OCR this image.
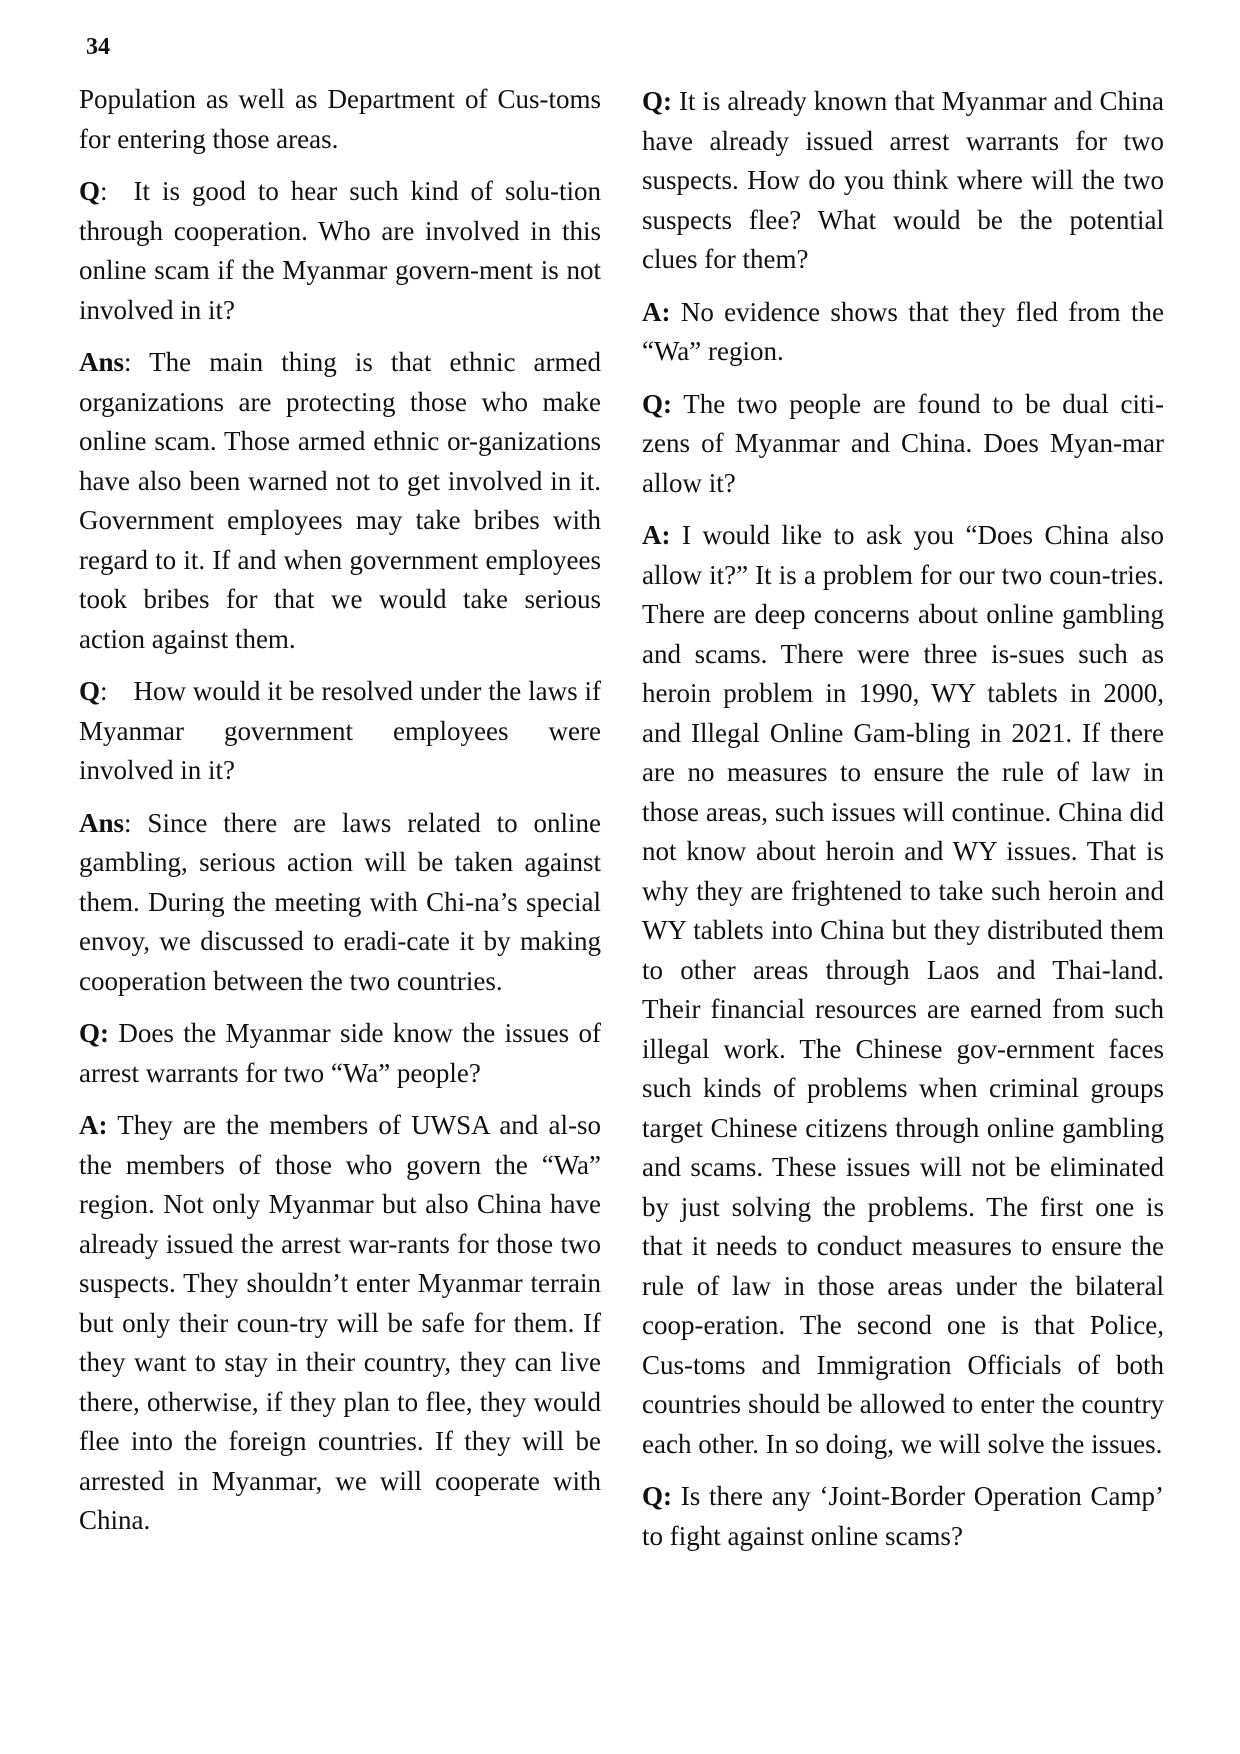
34

Population as well as Department of Cus-toms for entering those areas.

Q: It is good to hear such kind of solu-tion through cooperation. Who are involved in this online scam if the Myanmar govern-ment is not involved in it?

Ans: The main thing is that ethnic armed organizations are protecting those who make online scam. Those armed ethnic or-ganizations have also been warned not to get involved in it. Government employees may take bribes with regard to it. If and when government employees took bribes for that we would take serious action against them.

Q: How would it be resolved under the laws if Myanmar government employees were involved in it?

Ans: Since there are laws related to online gambling, serious action will be taken against them. During the meeting with Chi-na’s special envoy, we discussed to eradi-cate it by making cooperation between the two countries.

Q: Does the Myanmar side know the issues of arrest warrants for two “Wa” people?

A: They are the members of UWSA and al-so the members of those who govern the “Wa” region. Not only Myanmar but also China have already issued the arrest war-rants for those two suspects. They shouldn’t enter Myanmar terrain but only their coun-try will be safe for them. If they want to stay in their country, they can live there, otherwise, if they plan to flee, they would flee into the foreign countries. If they will be arrested in Myanmar, we will cooperate with China.

Q: It is already known that Myanmar and China have already issued arrest warrants for two suspects. How do you think where will the two suspects flee? What would be the potential clues for them?

A: No evidence shows that they fled from the “Wa” region.

Q: The two people are found to be dual citi-zens of Myanmar and China. Does Myan-mar allow it?

A: I would like to ask you “Does China also allow it?” It is a problem for our two coun-tries. There are deep concerns about online gambling and scams. There were three is-sues such as heroin problem in 1990, WY tablets in 2000, and Illegal Online Gam-bling in 2021. If there are no measures to ensure the rule of law in those areas, such issues will continue. China did not know about heroin and WY issues. That is why they are frightened to take such heroin and WY tablets into China but they distributed them to other areas through Laos and Thai-land. Their financial resources are earned from such illegal work. The Chinese gov-ernment faces such kinds of problems when criminal groups target Chinese citizens through online gambling and scams. These issues will not be eliminated by just solving the problems. The first one is that it needs to conduct measures to ensure the rule of law in those areas under the bilateral coop-eration. The second one is that Police, Cus-toms and Immigration Officials of both countries should be allowed to enter the country each other. In so doing, we will solve the issues.

Q: Is there any ‘Joint-Border Operation Camp’ to fight against online scams?
